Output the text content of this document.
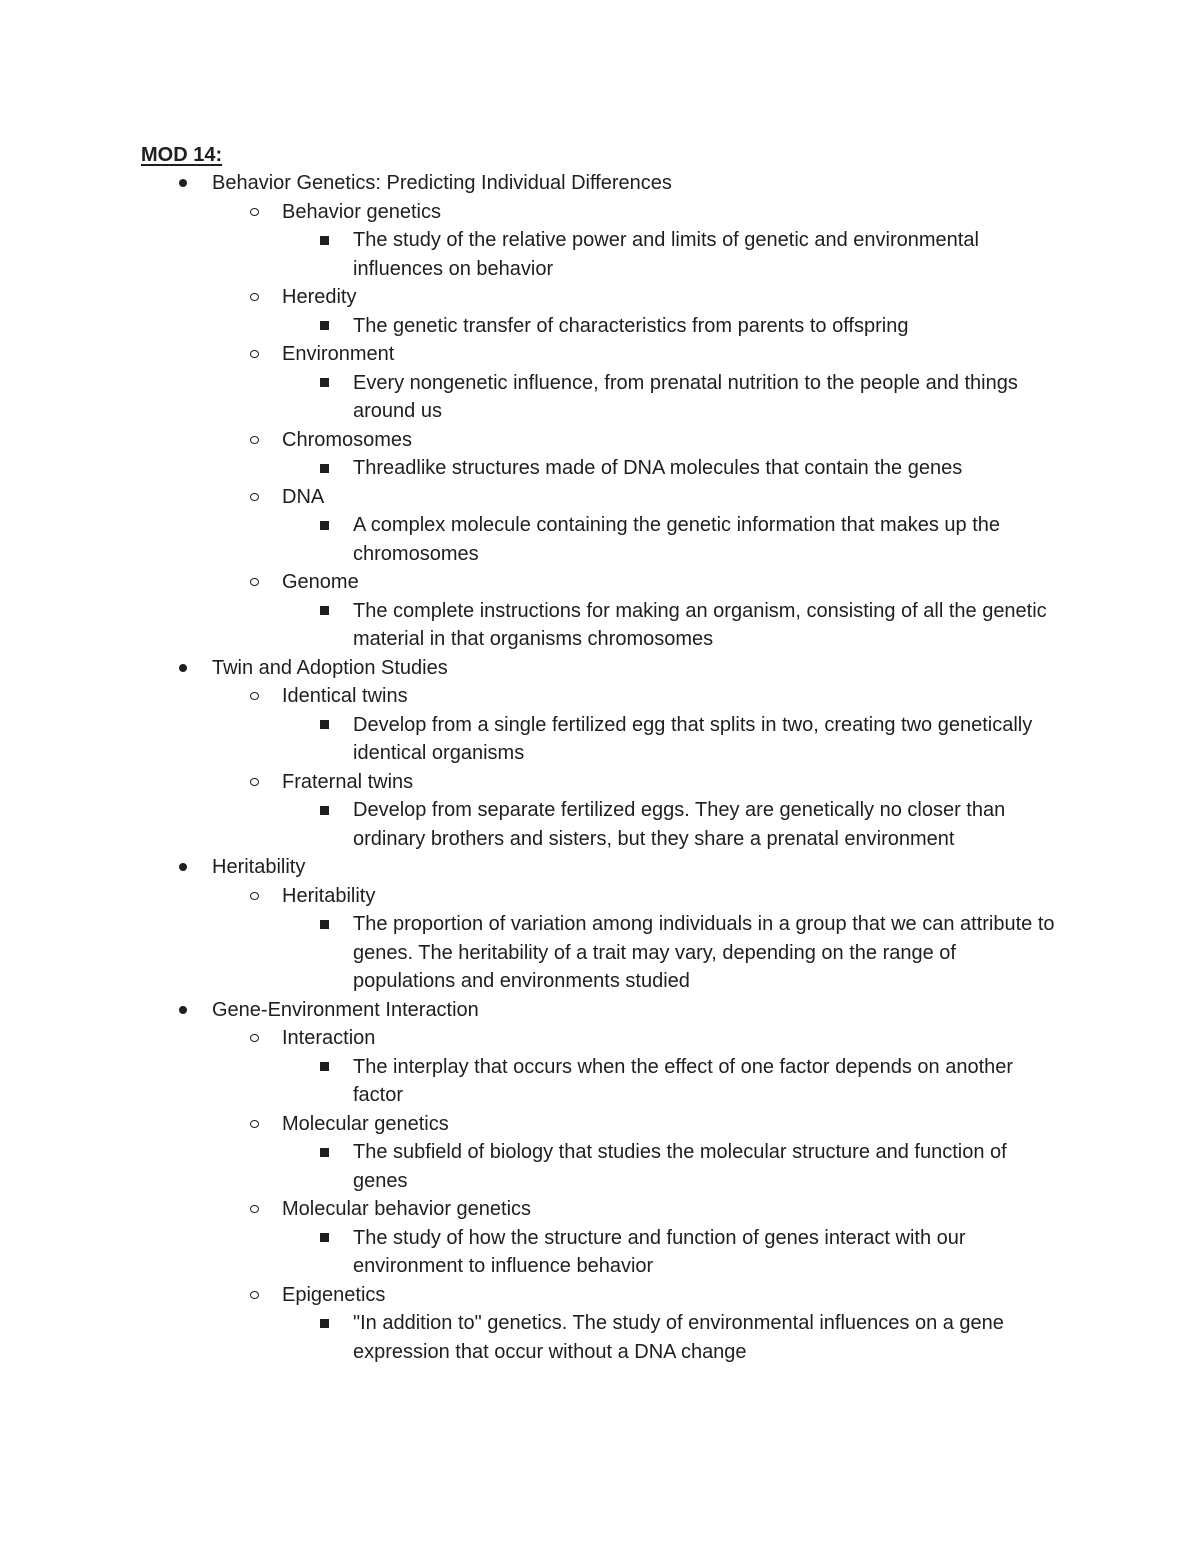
MOD 14:
Behavior Genetics: Predicting Individual Differences
Behavior genetics
The study of the relative power and limits of genetic and environmental influences on behavior
Heredity
The genetic transfer of characteristics from parents to offspring
Environment
Every nongenetic influence, from prenatal nutrition to the people and things around us
Chromosomes
Threadlike structures made of DNA molecules that contain the genes
DNA
A complex molecule containing the genetic information that makes up the chromosomes
Genome
The complete instructions for making an organism, consisting of all the genetic material in that organisms chromosomes
Twin and Adoption Studies
Identical twins
Develop from a single fertilized egg that splits in two, creating two genetically identical organisms
Fraternal twins
Develop from separate fertilized eggs. They are genetically no closer than ordinary brothers and sisters, but they share a prenatal environment
Heritability
Heritability
The proportion of variation among individuals in a group that we can attribute to genes. The heritability of a trait may vary, depending on the range of populations and environments studied
Gene-Environment Interaction
Interaction
The interplay that occurs when the effect of one factor depends on another factor
Molecular genetics
The subfield of biology that studies the molecular structure and function of genes
Molecular behavior genetics
The study of how the structure and function of genes interact with our environment to influence behavior
Epigenetics
"In addition to" genetics. The study of environmental influences on a gene expression that occur without a DNA change
